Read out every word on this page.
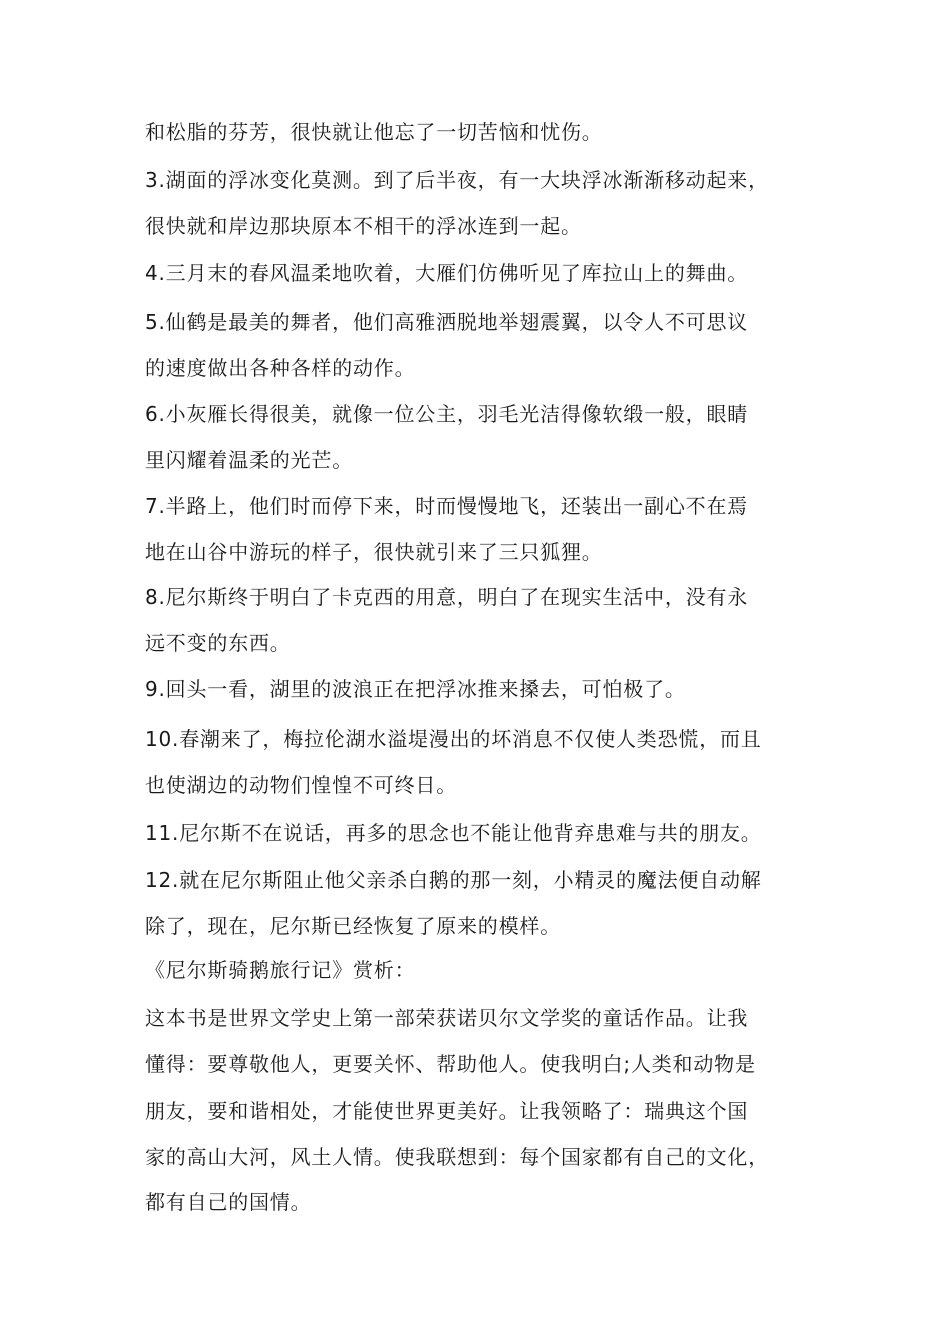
和松脂的芬芳，很快就让他忘了一切苦恼和忧伤。
3.湖面的浮冰变化莫测。到了后半夜，有一大块浮冰渐渐移动起来，
很快就和岸边那块原本不相干的浮冰连到一起。
4.三月末的春风温柔地吹着，大雁们仿佛听见了库拉山上的舞曲。
5.仙鹤是最美的舞者，他们高雅洒脱地举翅震翼，以令人不可思议
的速度做出各种各样的动作。
6.小灰雁长得很美，就像一位公主，羽毛光洁得像软缎一般，眼睛
里闪耀着温柔的光芒。
7.半路上，他们时而停下来，时而慢慢地飞，还装出一副心不在焉
地在山谷中游玩的样子，很快就引来了三只狐狸。
8.尼尔斯终于明白了卡克西的用意，明白了在现实生活中，没有永
远不变的东西。
9.回头一看，湖里的波浪正在把浮冰推来搡去，可怕极了。
10.春潮来了，梅拉伦湖水溢堤漫出的坏消息不仅使人类恐慌，而且
也使湖边的动物们惶惶不可终日。
11.尼尔斯不在说话，再多的思念也不能让他背弃患难与共的朋友。
12.就在尼尔斯阻止他父亲杀白鹅的那一刻，小精灵的魔法便自动解
除了，现在，尼尔斯已经恢复了原来的模样。
《尼尔斯骑鹅旅行记》赏析：
这本书是世界文学史上第一部荣获诺贝尔文学奖的童话作品。让我
懂得：要尊敬他人，更要关怀、帮助他人。使我明白;人类和动物是
朋友，要和谐相处，才能使世界更美好。让我领略了：瑞典这个国
家的高山大河，风土人情。使我联想到：每个国家都有自己的文化，
都有自己的国情。
